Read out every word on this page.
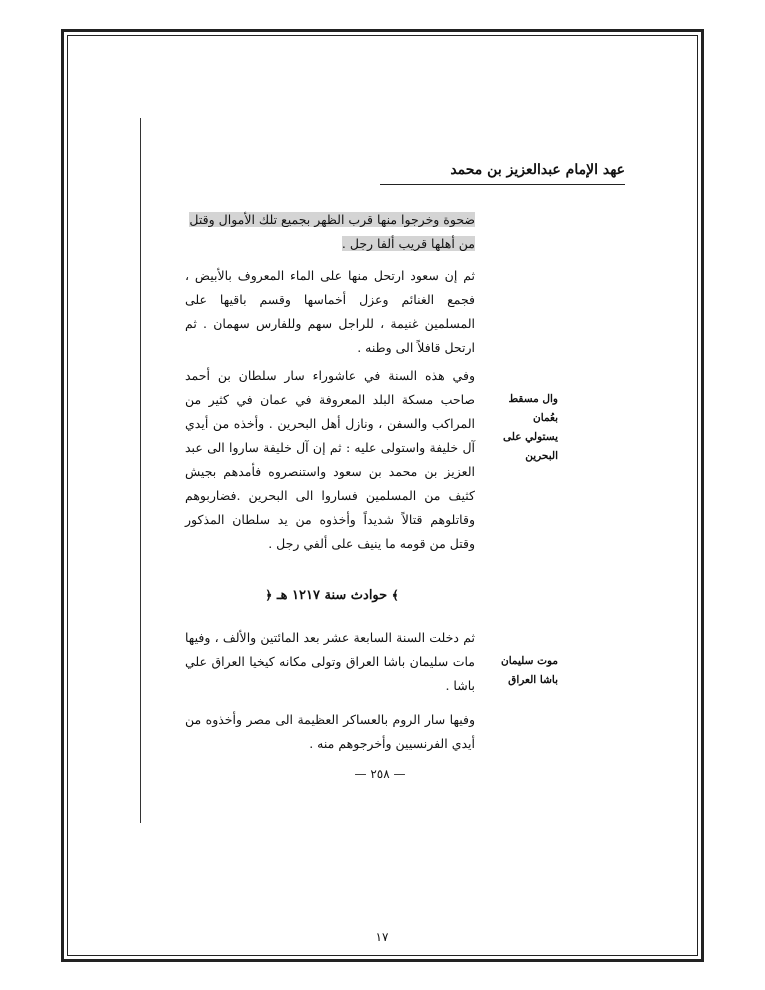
عهد الإمام عبدالعزيز بن محمد

ضحوة وخرجوا منها قرب الظهر بجميع تلك الأموال وقتل
من أهلها قريب ألفا رجل .

ثم إن سعود ارتحل منها على الماء المعروف بالأبيض ، فجمع الغنائم وعزل أخماسها وقسم باقيها على المسلمين غنيمة ، للراجل سهم وللفارس سهمان . ثم ارتحل قافلاً الى وطنه .

وفي هذه السنة في عاشوراء سار سلطان بن أحمد صاحب مسكة البلد المعروفة في عمان في كثير من المراكب والسفن ، ونازل أهل البحرين . وأخذه من أيدي آل خليفة واستولى عليه : ثم إن آل خليفة ساروا الى عبد العزيز بن محمد بن سعود واستنصروه فأمدهم بجيش كثيف من المسلمين فساروا الى البحرين .فضاربوهم وقاتلوهم قتالاً شديداً وأخذوه من يد سلطان المذكور وقتل من قومه ما ينيف على ألفي رجل .

وال مسقط بعُمان يستولي على البحرين
﴾ حوادث سنة ١٢١٧ هـ ﴿

ثم دخلت السنة السابعة عشر بعد المائتين والألف ، وفيها مات سليمان باشا العراق وتولى مكانه كيخيا العراق علي باشا .

موت سليمان باشا العراق

وفيها سار الروم بالعساكر العظيمة الى مصر وأخذوه من أيدي الفرنسيين وأخرجوهم منه .

— ٢٥٨ —
١٧
